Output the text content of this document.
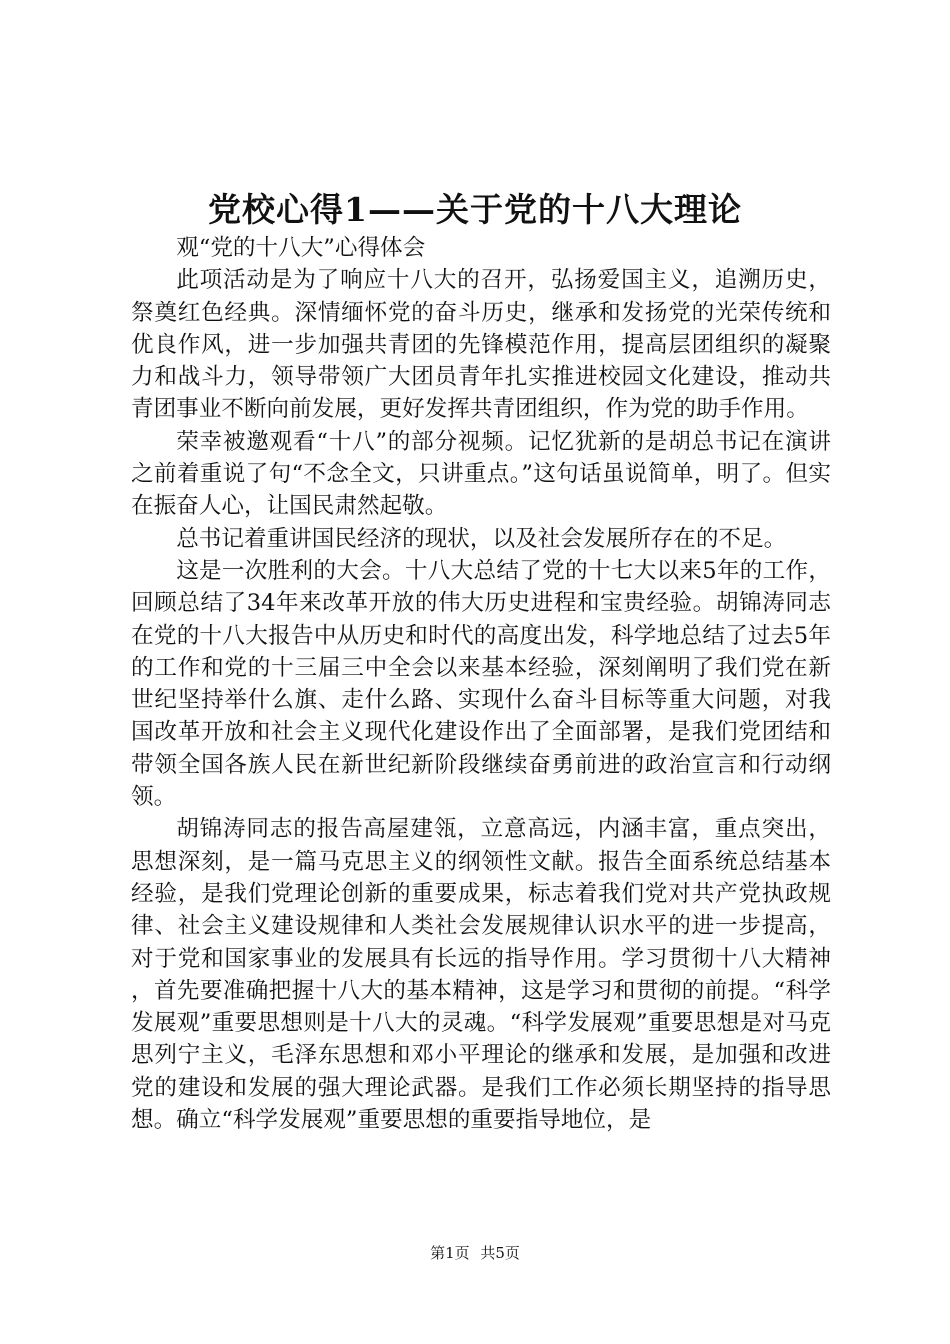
党校心得1——关于党的十八大理论

观“党的十八大”心得体会

此项活动是为了响应十八大的召开，弘扬爱国主义，追溯历史，祭奠红色经典。深情缅怀党的奋斗历史，继承和发扬党的光荣传统和优良作风，进一步加强共青团的先锋模范作用，提高层团组织的凝聚力和战斗力，领导带领广大团员青年扎实推进校园文化建设，推动共青团事业不断向前发展，更好发挥共青团组织，作为党的助手作用。

荣幸被邀观看“十八”的部分视频。记忆犹新的是胡总书记在演讲之前着重说了句“不念全文，只讲重点。”这句话虽说简单，明了。但实在振奋人心，让国民肃然起敬。

总书记着重讲国民经济的现状，以及社会发展所存在的不足。

这是一次胜利的大会。十八大总结了党的十七大以来5年的工作，回顾总结了34年来改革开放的伟大历史进程和宝贵经验。胡锦涛同志在党的十八大报告中从历史和时代的高度出发，科学地总结了过去5年的工作和党的十三届三中全会以来基本经验，深刻阐明了我们党在新世纪坚持举什么旗、走什么路、实现什么奋斗目标等重大问题，对我国改革开放和社会主义现代化建设作出了全面部署，是我们党团结和带领全国各族人民在新世纪新阶段继续奋勇前进的政治宣言和行动纲领。

胡锦涛同志的报告高屋建瓴，立意高远，内涵丰富，重点突出，思想深刻，是一篇马克思主义的纲领性文献。报告全面系统总结基本经验，是我们党理论创新的重要成果，标志着我们党对共产党执政规律、社会主义建设规律和人类社会发展规律认识水平的进一步提高，对于党和国家事业的发展具有长远的指导作用。学习贯彻十八大精神，首先要准确把握十八大的基本精神，这是学习和贯彻的前提。“科学发展观”重要思想则是十八大的灵魂。“科学发展观”重要思想是对马克思列宁主义，毛泽东思想和邓小平理论的继承和发展，是加强和改进党的建设和发展的强大理论武器。是我们工作必须长期坚持的指导思想。确立“科学发展观”重要思想的重要指导地位，是

第1页 共5页
